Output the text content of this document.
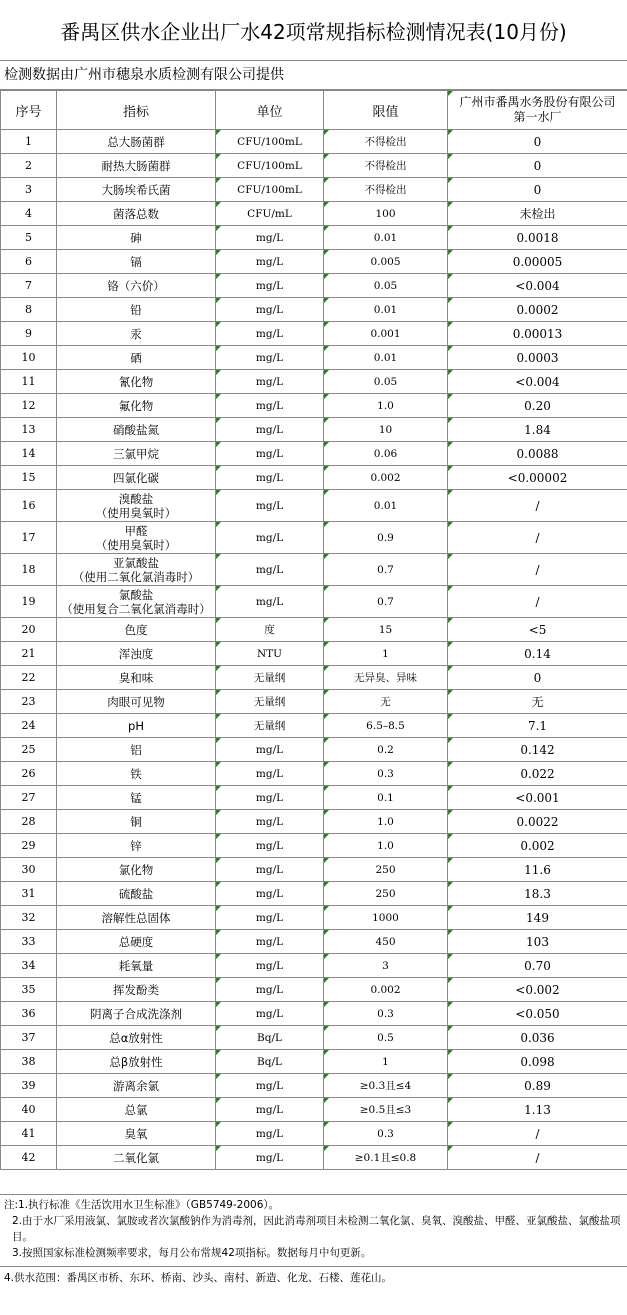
番禺区供水企业出厂水42项常规指标检测情况表(10月份)
检测数据由广州市穗泉水质检测有限公司提供
序号	指标	单位	限值	广州市番禺水务股份有限公司
第一水厂

1	总大肠菌群	CFU/100mL	不得检出	0
2	耐热大肠菌群	CFU/100mL	不得检出	0
3	大肠埃希氏菌	CFU/100mL	不得检出	0
4	菌落总数	CFU/mL	100	未检出
5	砷	mg/L	0.01	0.0018
6	镉	mg/L	0.005	0.00005
7	铬（六价）	mg/L	0.05	<0.004
8	铅	mg/L	0.01	0.0002
9	汞	mg/L	0.001	0.00013
10	硒	mg/L	0.01	0.0003
11	氰化物	mg/L	0.05	<0.004
12	氟化物	mg/L	1.0	0.20
13	硝酸盐氮	mg/L	10	1.84
14	三氯甲烷	mg/L	0.06	0.0088
15	四氯化碳	mg/L	0.002	<0.00002
16	溴酸盐
（使用臭氧时）	mg/L	0.01	/
17	甲醛
（使用臭氧时）	mg/L	0.9	/
18	亚氯酸盐
（使用二氧化氯消毒时）	mg/L	0.7	/
19	氯酸盐
（使用复合二氧化氯消毒时）	mg/L	0.7	/
20	色度	度	15	<5
21	浑浊度	NTU	1	0.14
22	臭和味	无量纲	无异臭、异味	0
23	肉眼可见物	无量纲	无	无
24	pH	无量纲	6.5–8.5	7.1
25	铝	mg/L	0.2	0.142
26	铁	mg/L	0.3	0.022
27	锰	mg/L	0.1	<0.001
28	铜	mg/L	1.0	0.0022
29	锌	mg/L	1.0	0.002
30	氯化物	mg/L	250	11.6
31	硫酸盐	mg/L	250	18.3
32	溶解性总固体	mg/L	1000	149
33	总硬度	mg/L	450	103
34	耗氧量	mg/L	3	0.70
35	挥发酚类	mg/L	0.002	<0.002
36	阴离子合成洗涤剂	mg/L	0.3	<0.050
37	总α放射性	Bq/L	0.5	0.036
38	总β放射性	Bq/L	1	0.098
39	游离余氯	mg/L	≥0.3且≤4	0.89
40	总氯	mg/L	≥0.5且≤3	1.13
41	臭氧	mg/L	0.3	/
42	二氧化氯	mg/L	≥0.1且≤0.8	/
注:1.执行标准《生活饮用水卫生标准》（GB5749-2006）。
2.由于水厂采用液氯、氯胺或者次氯酸钠作为消毒剂，因此消毒剂项目未检测二氧化氯、臭氧、溴酸盐、甲醛、亚氯酸盐、氯酸盐项目。
3.按照国家标准检测频率要求，每月公布常规42项指标。数据每月中旬更新。
4.供水范围：番禺区市桥、东环、桥南、沙头、南村、新造、化龙、石楼、莲花山。
